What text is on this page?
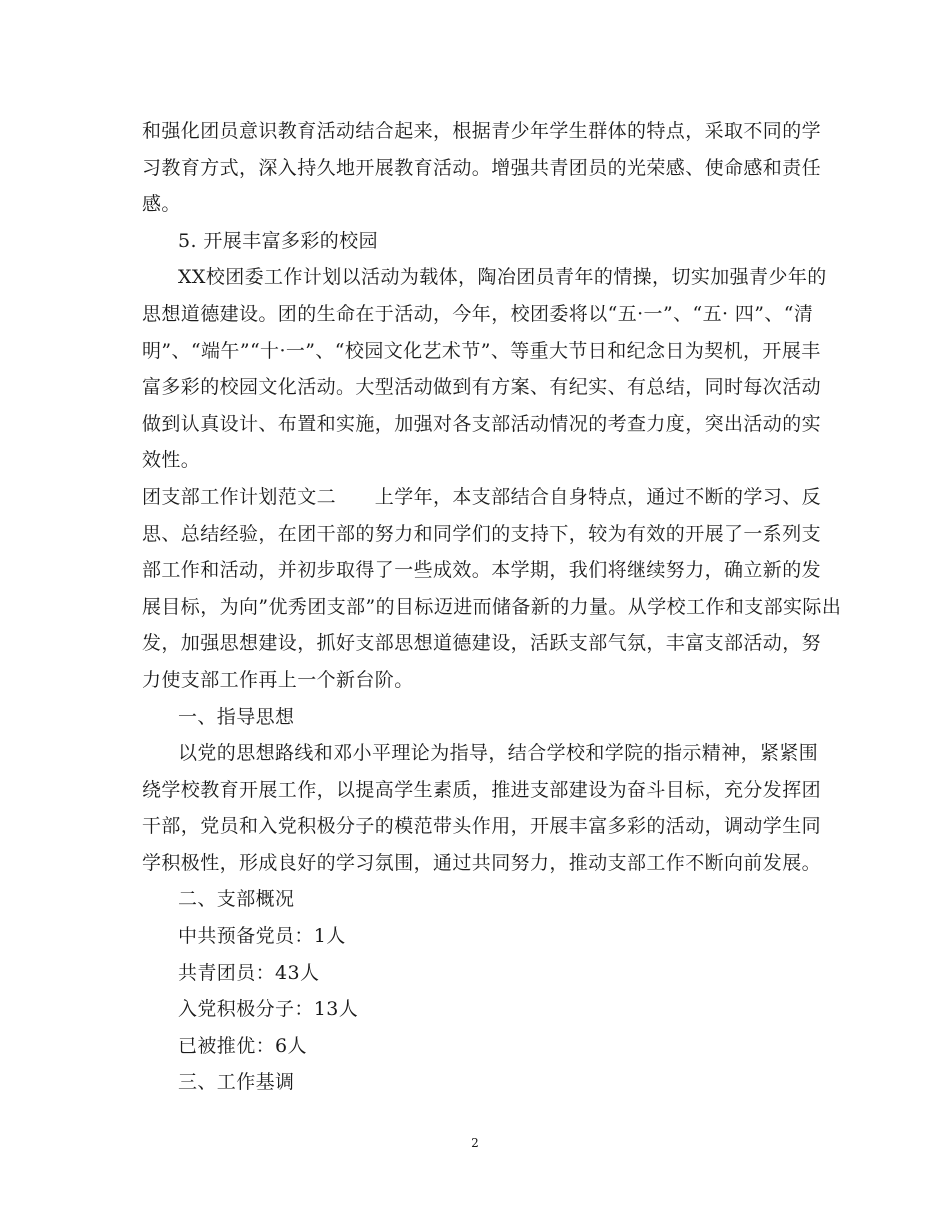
和强化团员意识教育活动结合起来，根据青少年学生群体的特点，采取不同的学
习教育方式，深入持久地开展教育活动。增强共青团员的光荣感、使命感和责任
感。
5. 开展丰富多彩的校园
XX校团委工作计划以活动为载体，陶冶团员青年的情操，切实加强青少年的
思想道德建设。团的生命在于活动，今年，校团委将以“五·一”、“五· 四”、“清
明”、“端午”“十·一”、“校园文化艺术节”、等重大节日和纪念日为契机，开展丰
富多彩的校园文化活动。大型活动做到有方案、有纪实、有总结，同时每次活动
做到认真设计、布置和实施，加强对各支部活动情况的考查力度，突出活动的实
效性。
团支部工作计划范文二　　上学年，本支部结合自身特点，通过不断的学习、反
思、总结经验，在团干部的努力和同学们的支持下，较为有效的开展了一系列支
部工作和活动，并初步取得了一些成效。本学期，我们将继续努力，确立新的发
展目标，为向”优秀团支部”的目标迈进而储备新的力量。从学校工作和支部实际出
发，加强思想建设，抓好支部思想道德建设，活跃支部气氛，丰富支部活动，努
力使支部工作再上一个新台阶。
一、指导思想
以党的思想路线和邓小平理论为指导，结合学校和学院的指示精神，紧紧围
绕学校教育开展工作，以提高学生素质，推进支部建设为奋斗目标，充分发挥团
干部，党员和入党积极分子的模范带头作用，开展丰富多彩的活动，调动学生同
学积极性，形成良好的学习氛围，通过共同努力，推动支部工作不断向前发展。
二、支部概况
中共预备党员：1人
共青团员：43人
入党积极分子：13人
已被推优：6人
三、工作基调
2
